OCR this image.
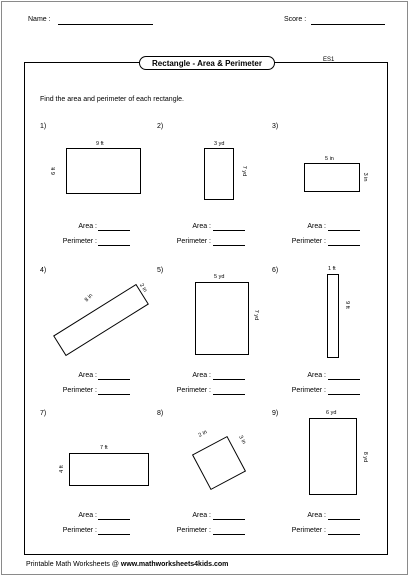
Name :	Score :
Rectangle - Area & Perimeter	ES1
Find the area and perimeter of each rectangle.
1)
9 ft
6 ft
2)
3 yd
7 yd
3)
5 in
3 in
4)
8 in
2 in
5)
5 yd
7 yd
6)	1 ft
9 ft
7)
7 ft
4 ft
8)
2 in
3 in
9)	6 yd
8 yd
Area :
Perimeter :
Area :
Perimeter :
Area :
Perimeter :
Area :
Perimeter :
Area :
Perimeter :
Area :
Perimeter :
Area :
Perimeter :
Area :
Perimeter :
Area :
Perimeter :
Printable Math Worksheets @ www.mathworksheets4kids.com
